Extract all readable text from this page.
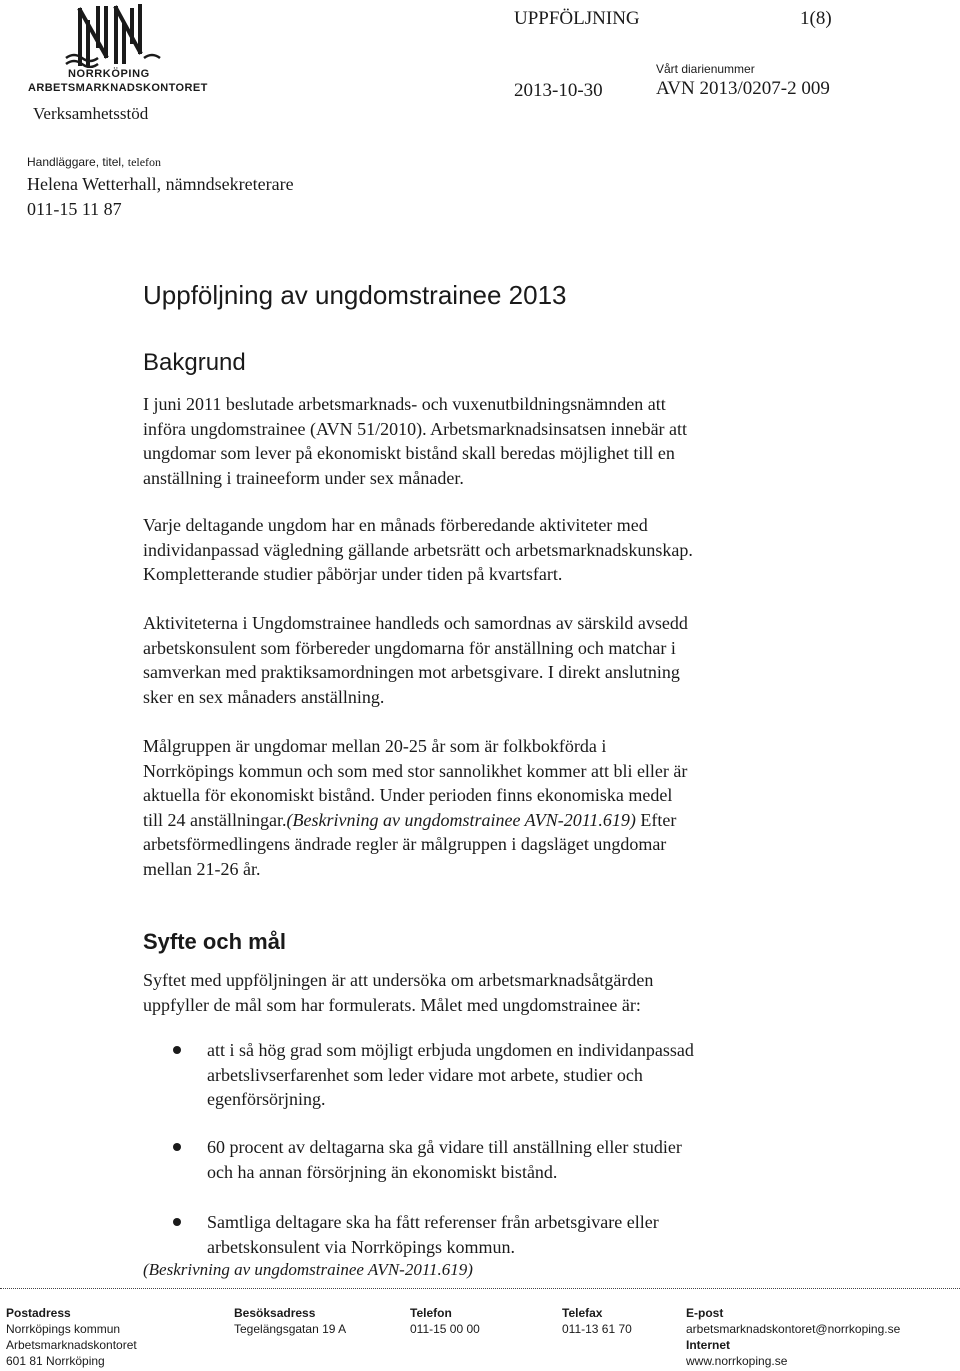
NORRKÖPING
ARBETSMARKNADSKONTORET
Verksamhetsstöd
UPPFÖLJNING	1(8)
Vårt diarienummer
2013-10-30	AVN 2013/0207-2 009
Handläggare, titel, telefon
Helena Wetterhall, nämndsekreterare
011-15 11 87
Uppföljning av ungdomstrainee 2013
Bakgrund
I juni 2011 beslutade arbetsmarknads- och vuxenutbildningsnämnden att
införa ungdomstrainee (AVN 51/2010). Arbetsmarknadsinsatsen innebär att
ungdomar som lever på ekonomiskt bistånd skall beredas möjlighet till en
anställning i traineeform under sex månader.
Varje deltagande ungdom har en månads förberedande aktiviteter med
individanpassad vägledning gällande arbetsrätt och arbetsmarknadskunskap.
Kompletterande studier påbörjar under tiden på kvartsfart.
Aktiviteterna i Ungdomstrainee handleds och samordnas av särskild avsedd
arbetskonsulent som förbereder ungdomarna för anställning och matchar i
samverkan med praktiksamordningen mot arbetsgivare. I direkt anslutning
sker en sex månaders anställning.
Målgruppen är ungdomar mellan 20-25 år som är folkbokförda i
Norrköpings kommun och som med stor sannolikhet kommer att bli eller är
aktuella för ekonomiskt bistånd. Under perioden finns ekonomiska medel
till 24 anställningar.(Beskrivning av ungdomstrainee AVN-2011.619) Efter
arbetsförmedlingens ändrade regler är målgruppen i dagsläget ungdomar
mellan 21-26 år.
Syfte och mål
Syftet med uppföljningen är att undersöka om arbetsmarknadsåtgärden
uppfyller de mål som har formulerats. Målet med ungdomstrainee är:
att i så hög grad som möjligt erbjuda ungdomen en individanpassad
arbetslivserfarenhet som leder vidare mot arbete, studier och
egenförsörjning.
60 procent av deltagarna ska gå vidare till anställning eller studier
och ha annan försörjning än ekonomiskt bistånd.
Samtliga deltagare ska ha fått referenser från arbetsgivare eller
arbetskonsulent via Norrköpings kommun.
(Beskrivning av ungdomstrainee AVN-2011.619)
Postadress
Norrköpings kommun
Arbetsmarknadskontoret
601 81 Norrköping
Besöksadress
Tegelängsgatan 19 A
Telefon
011-15 00 00
Telefax
011-13 61 70
E-post
arbetsmarknadskontoret@norrkoping.se
Internet
www.norrkoping.se
